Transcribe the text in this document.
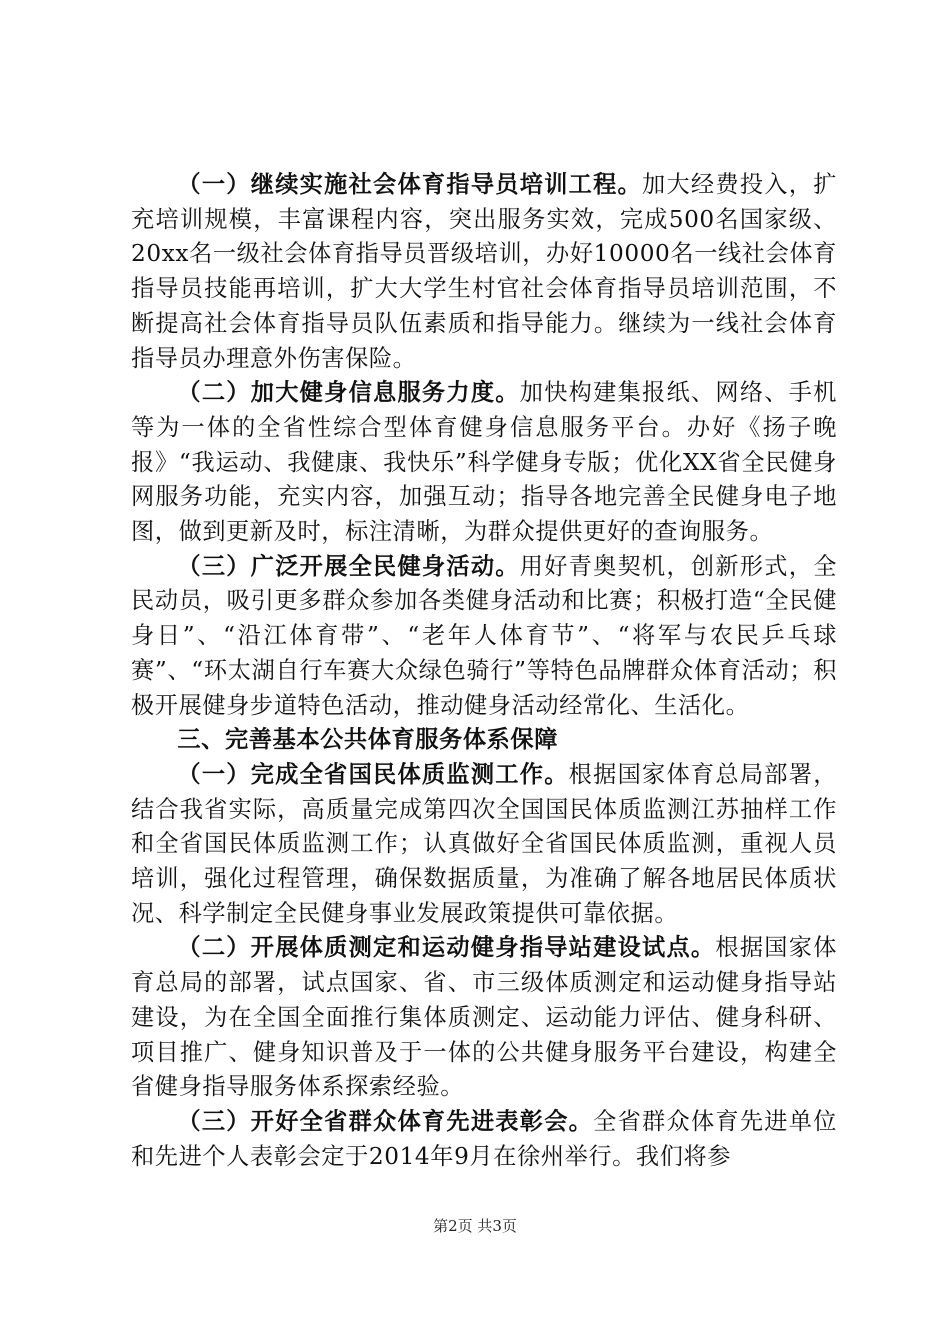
（一）继续实施社会体育指导员培训工程。加大经费投入，扩充培训规模，丰富课程内容，突出服务实效，完成500名国家级、20xx名一级社会体育指导员晋级培训，办好10000名一线社会体育指导员技能再培训，扩大大学生村官社会体育指导员培训范围，不断提高社会体育指导员队伍素质和指导能力。继续为一线社会体育指导员办理意外伤害保险。

（二）加大健身信息服务力度。加快构建集报纸、网络、手机等为一体的全省性综合型体育健身信息服务平台。办好《扬子晚报》“我运动、我健康、我快乐”科学健身专版；优化XX省全民健身网服务功能，充实内容，加强互动；指导各地完善全民健身电子地图，做到更新及时，标注清晰，为群众提供更好的查询服务。

（三）广泛开展全民健身活动。用好青奥契机，创新形式，全民动员，吸引更多群众参加各类健身活动和比赛；积极打造“全民健身日”、“沿江体育带”、“老年人体育节”、“将军与农民乒乓球赛”、“环太湖自行车赛大众绿色骑行”等特色品牌群众体育活动；积极开展健身步道特色活动，推动健身活动经常化、生活化。

三、完善基本公共体育服务体系保障

（一）完成全省国民体质监测工作。根据国家体育总局部署，结合我省实际，高质量完成第四次全国国民体质监测江苏抽样工作和全省国民体质监测工作；认真做好全省国民体质监测，重视人员培训，强化过程管理，确保数据质量，为准确了解各地居民体质状况、科学制定全民健身事业发展政策提供可靠依据。

（二）开展体质测定和运动健身指导站建设试点。根据国家体育总局的部署，试点国家、省、市三级体质测定和运动健身指导站建设，为在全国全面推行集体质测定、运动能力评估、健身科研、项目推广、健身知识普及于一体的公共健身服务平台建设，构建全省健身指导服务体系探索经验。

（三）开好全省群众体育先进表彰会。全省群众体育先进单位和先进个人表彰会定于2014年9月在徐州举行。我们将参

第2页 共3页
